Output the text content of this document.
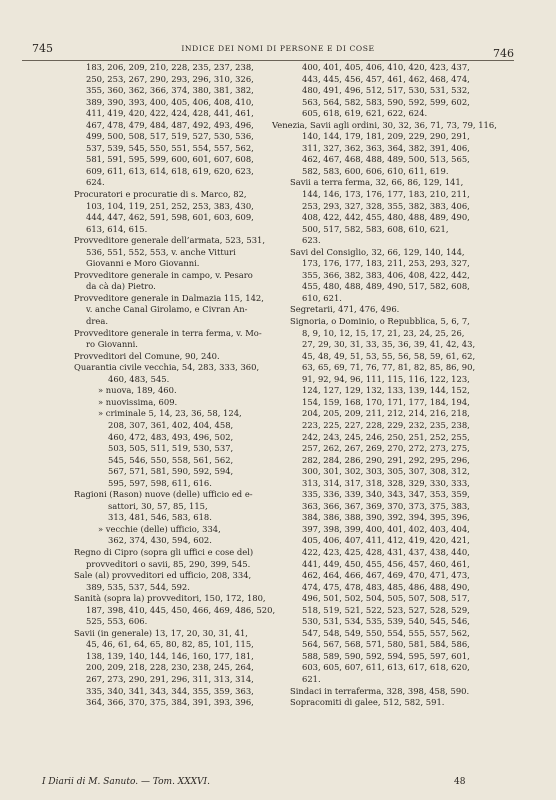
745	INDICE DEI NOMI DI PERSONE E DI COSE	746
183, 206, 209, 210, 228, 235, 237, 238,
250, 253, 267, 290, 293, 296, 310, 326,
355, 360, 362, 366, 374, 380, 381, 382,
389, 390, 393, 400, 405, 406, 408, 410,
411, 419, 420, 422, 424, 428, 441, 461,
467, 478, 479, 484, 487, 492, 493, 496,
499, 500, 508, 517, 519, 527, 530, 536,
537, 539, 545, 550, 551, 554, 557, 562,
581, 591, 595, 599, 600, 601, 607, 608,
609, 611, 613, 614, 618, 619, 620, 623,
624.
Procuratori e procuratie di s. Marco, 82,
103, 104, 119, 251, 252, 253, 383, 430,
444, 447, 462, 591, 598, 601, 603, 609,
613, 614, 615.
Provveditore generale dell’armata, 523, 531,
536, 551, 552, 553, v. anche Vitturi
Giovanni e Moro Giovanni.
Provveditore generale in campo, v. Pesaro
da cà da) Pietro.
Provveditore generale in Dalmazia 115, 142,
v. anche Canal Girolamo, e Civran An-
drea.
Provveditore generale in terra ferma, v. Mo-
ro Giovanni.
Provveditori del Comune, 90, 240.
Quarantia civile vecchia, 54, 283, 333, 360,
460, 483, 545.
» nuova, 189, 460.
» nuovissima, 609.
» criminale 5, 14, 23, 36, 58, 124,
208, 307, 361, 402, 404, 458,
460, 472, 483, 493, 496, 502,
503, 505, 511, 519, 530, 537,
545, 546, 550, 558, 561, 562,
567, 571, 581, 590, 592, 594,
595, 597, 598, 611, 616.
Ragioni (Rason) nuove (delle) ufficio ed e-
sattori, 30, 57, 85, 115,
313, 481, 546, 583, 618.
» vecchie (delle) ufficio, 334,
362, 374, 430, 594, 602.
Regno di Cipro (sopra gli uffici e cose del)
provveditori o savii, 85, 290, 399, 545.
Sale (al) provveditori ed ufficio, 208, 334,
389, 535, 537, 544, 592.
Sanità (sopra la) provveditori, 150, 172, 180,
187, 398, 410, 445, 450, 466, 469, 486, 520,
525, 553, 606.
Savii (in generale) 13, 17, 20, 30, 31, 41,
45, 46, 61, 64, 65, 80, 82, 85, 101, 115,
138, 139, 140, 144, 146, 160, 177, 181,
200, 209, 218, 228, 230, 238, 245, 264,
267, 273, 290, 291, 296, 311, 313, 314,
335, 340, 341, 343, 344, 355, 359, 363,
364, 366, 370, 375, 384, 391, 393, 396,
400, 401, 405, 406, 410, 420, 423, 437,
443, 445, 456, 457, 461, 462, 468, 474,
480, 491, 496, 512, 517, 530, 531, 532,
563, 564, 582, 583, 590, 592, 599, 602,
605, 618, 619, 621, 622, 624.
Venezia, Savii agli ordini, 30, 32, 36, 71, 73, 79, 116,
140, 144, 179, 181, 209, 229, 290, 291,
311, 327, 362, 363, 364, 382, 391, 406,
462, 467, 468, 488, 489, 500, 513, 565,
582, 583, 600, 606, 610, 611, 619.
Savii a terra ferma, 32, 66, 86, 129, 141,
144, 146, 173, 176, 177, 183, 210, 211,
253, 293, 327, 328, 355, 382, 383, 406,
408, 422, 442, 455, 480, 488, 489, 490,
500, 517, 582, 583, 608, 610, 621,
623.
Savi del Consiglio, 32, 66, 129, 140, 144,
173, 176, 177, 183, 211, 253, 293, 327,
355, 366, 382, 383, 406, 408, 422, 442,
455, 480, 488, 489, 490, 517, 582, 608,
610, 621.
Segretarii, 471, 476, 496.
Signoria, o Dominio, o Repubblica, 5, 6, 7,
8, 9, 10, 12, 15, 17, 21, 23, 24, 25, 26,
27, 29, 30, 31, 33, 35, 36, 39, 41, 42, 43,
45, 48, 49, 51, 53, 55, 56, 58, 59, 61, 62,
63, 65, 69, 71, 76, 77, 81, 82, 85, 86, 90,
91, 92, 94, 96, 111, 115, 116, 122, 123,
124, 127, 129, 132, 133, 139, 144, 152,
154, 159, 168, 170, 171, 177, 184, 194,
204, 205, 209, 211, 212, 214, 216, 218,
223, 225, 227, 228, 229, 232, 235, 238,
242, 243, 245, 246, 250, 251, 252, 255,
257, 262, 267, 269, 270, 272, 273, 275,
282, 284, 286, 290, 291, 292, 295, 296,
300, 301, 302, 303, 305, 307, 308, 312,
313, 314, 317, 318, 328, 329, 330, 333,
335, 336, 339, 340, 343, 347, 353, 359,
363, 366, 367, 369, 370, 373, 375, 383,
384, 386, 388, 390, 392, 394, 395, 396,
397, 398, 399, 400, 401, 402, 403, 404,
405, 406, 407, 411, 412, 419, 420, 421,
422, 423, 425, 428, 431, 437, 438, 440,
441, 449, 450, 455, 456, 457, 460, 461,
462, 464, 466, 467, 469, 470, 471, 473,
474, 475, 478, 483, 485, 486, 488, 490,
496, 501, 502, 504, 505, 507, 508, 517,
518, 519, 521, 522, 523, 527, 528, 529,
530, 531, 534, 535, 539, 540, 545, 546,
547, 548, 549, 550, 554, 555, 557, 562,
564, 567, 568, 571, 580, 581, 584, 586,
588, 589, 590, 592, 594, 595, 597, 601,
603, 605, 607, 611, 613, 617, 618, 620,
621.
Sindaci in terraferma, 328, 398, 458, 590.
Sopracomiti di galee, 512, 582, 591.
I Diarii di M. Sanuto. — Tom. XXXVI.	48
